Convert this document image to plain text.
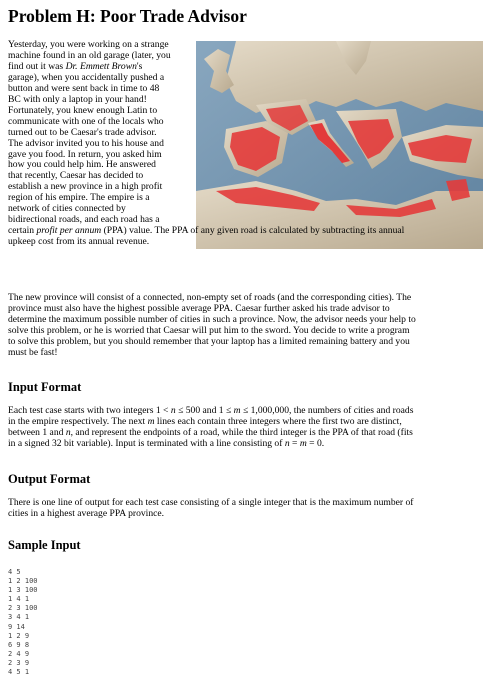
Problem H: Poor Trade Advisor
Yesterday, you were working on a strange
machine found in an old garage (later, you
find out it was Dr. Emmett Brown's
garage), when you accidentally pushed a
button and were sent back in time to 48
BC with only a laptop in your hand!
Fortunately, you knew enough Latin to
communicate with one of the locals who
turned out to be Caesar's trade advisor.
The advisor invited you to his house and
gave you food. In return, you asked him
how you could help him. He answered
that recently, Caesar has decided to
establish a new province in a high profit
region of his empire. The empire is a
network of cities connected by
bidirectional roads, and each road has a
certain profit per annum (PPA) value. The PPA of any given road is calculated by subtracting its annual
upkeep cost from its annual revenue.
The new province will consist of a connected, non-empty set of roads (and the corresponding cities). The
province must also have the highest possible average PPA. Caesar further asked his trade advisor to
determine the maximum possible number of cities in such a province. Now, the advisor needs your help to
solve this problem, or he is worried that Caesar will put him to the sword. You decide to write a program
to solve this problem, but you should remember that your laptop has a limited remaining battery and you
must be fast!
Input Format
Each test case starts with two integers 1 < n ≤ 500 and 1 ≤ m ≤ 1,000,000, the numbers of cities and roads
in the empire respectively. The next m lines each contain three integers where the first two are distinct,
between 1 and n, and represent the endpoints of a road, while the third integer is the PPA of that road (fits
in a signed 32 bit variable). Input is terminated with a line consisting of n = m = 0.
Output Format
There is one line of output for each test case consisting of a single integer that is the maximum number of
cities in a highest average PPA province.
Sample Input
4 5
1 2 100
1 3 100
1 4 1
2 3 100
3 4 1
9 14
1 2 9
6 9 8
2 4 9
2 3 9
4 5 1
